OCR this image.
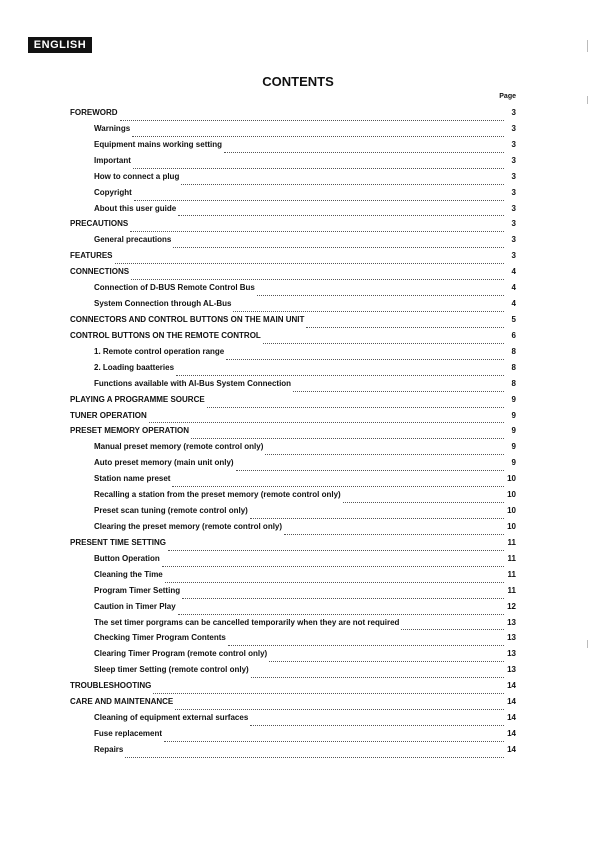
ENGLISH
CONTENTS
Page
FOREWORD	3
Warnings	3
Equipment mains working setting	3
Important	3
How to connect a plug	3
Copyright	3
About this user guide	3
PRECAUTIONS	3
General precautions	3
FEATURES	3
CONNECTIONS	4
Connection of D-BUS Remote Control Bus	4
System Connection through AL-Bus	4
CONNECTORS AND CONTROL BUTTONS ON THE MAIN UNIT	5
CONTROL BUTTONS ON THE REMOTE CONTROL	6
1. Remote control operation range	8
2. Loading baatteries	8
Functions available with Al-Bus System Connection	8
PLAYING A PROGRAMME SOURCE	9
TUNER OPERATION	9
PRESET MEMORY OPERATION	9
Manual preset memory (remote control only)	9
Auto preset memory (main unit only)	9
Station name preset	10
Recalling a station from the preset memory (remote control only)	10
Preset scan tuning (remote control only)	10
Clearing the preset memory (remote control only)	10
PRESENT TIME SETTING	11
Button Operation	11
Cleaning the Time	11
Program Timer Setting	11
Caution in Timer Play	12
The set timer porgrams can be cancelled temporarily when they are not required	13
Checking Timer Program Contents	13
Clearing Timer Program (remote control only)	13
Sleep timer Setting (remote control only)	13
TROUBLESHOOTING	14
CARE AND MAINTENANCE	14
Cleaning of equipment external surfaces	14
Fuse replacement	14
Repairs	14
